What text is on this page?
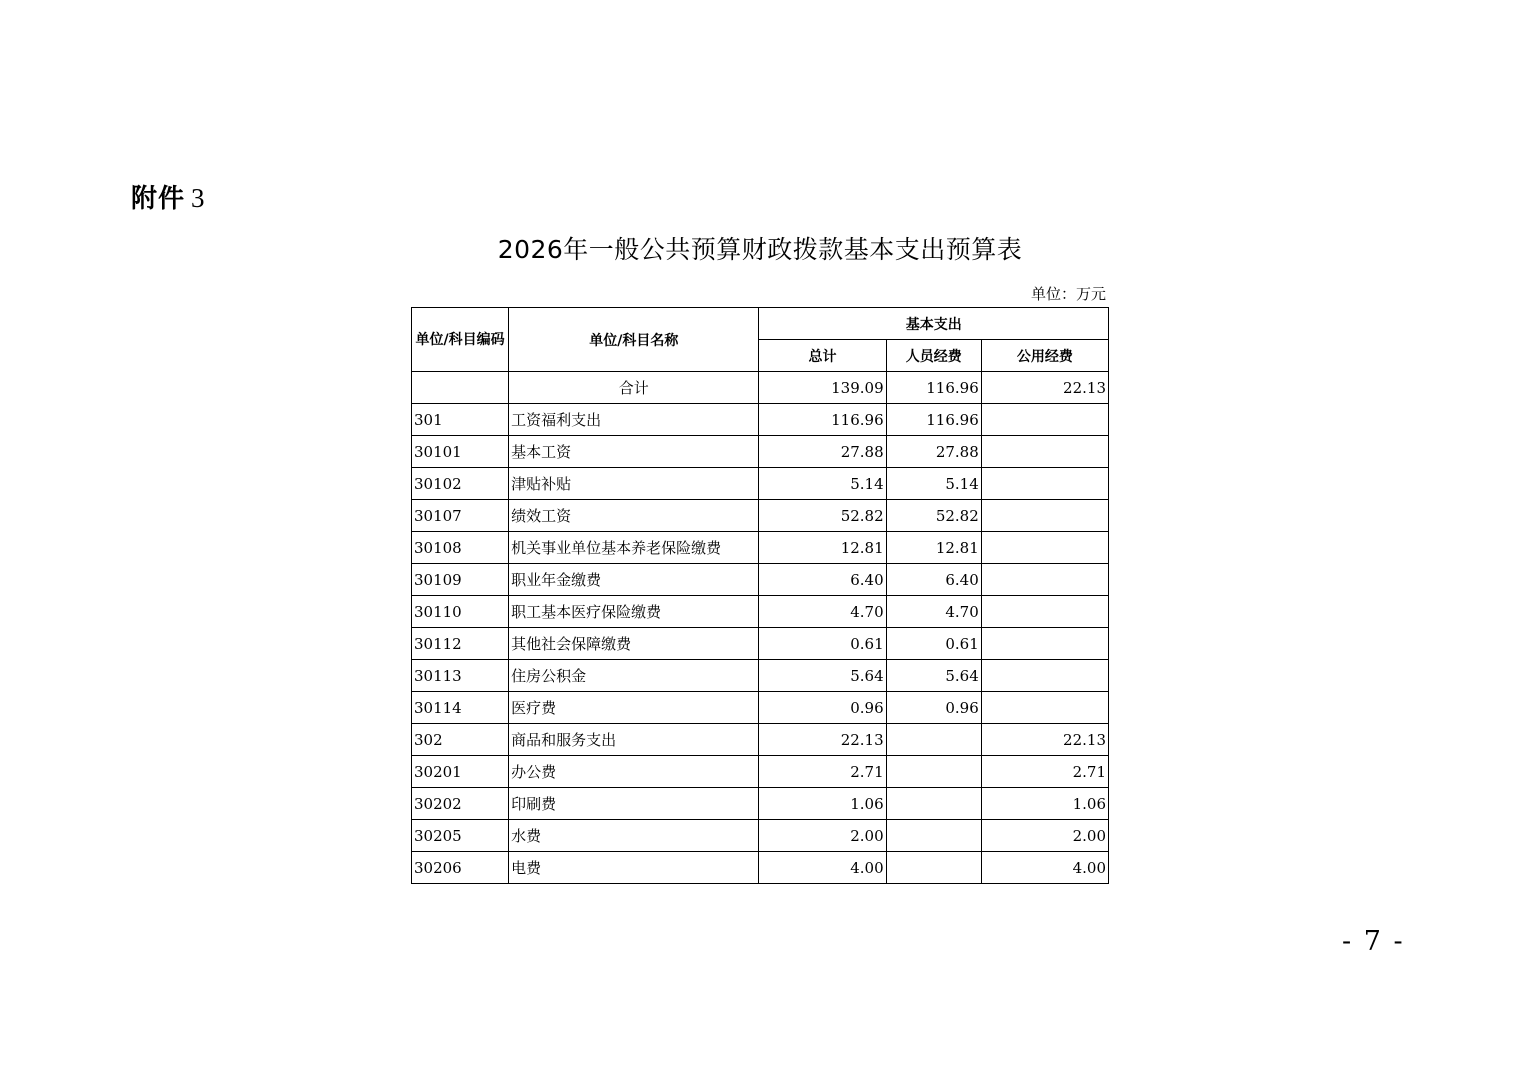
附件 3
2026年一般公共预算财政拨款基本支出预算表
单位：万元
单位/科目编码	单位/科目名称	基本支出		
		总计	人员经费	公用经费
	合计	139.09	116.96	22.13
301	工资福利支出	116.96	116.96	
30101	基本工资	27.88	27.88	
30102	津贴补贴	5.14	5.14	
30107	绩效工资	52.82	52.82	
30108	机关事业单位基本养老保险缴费	12.81	12.81	
30109	职业年金缴费	6.40	6.40	
30110	职工基本医疗保险缴费	4.70	4.70	
30112	其他社会保障缴费	0.61	0.61	
30113	住房公积金	5.64	5.64	
30114	医疗费	0.96	0.96	
302	商品和服务支出	22.13		22.13
30201	办公费	2.71		2.71
30202	印刷费	1.06		1.06
30205	水费	2.00		2.00
30206	电费	4.00		4.00
- 7 -
